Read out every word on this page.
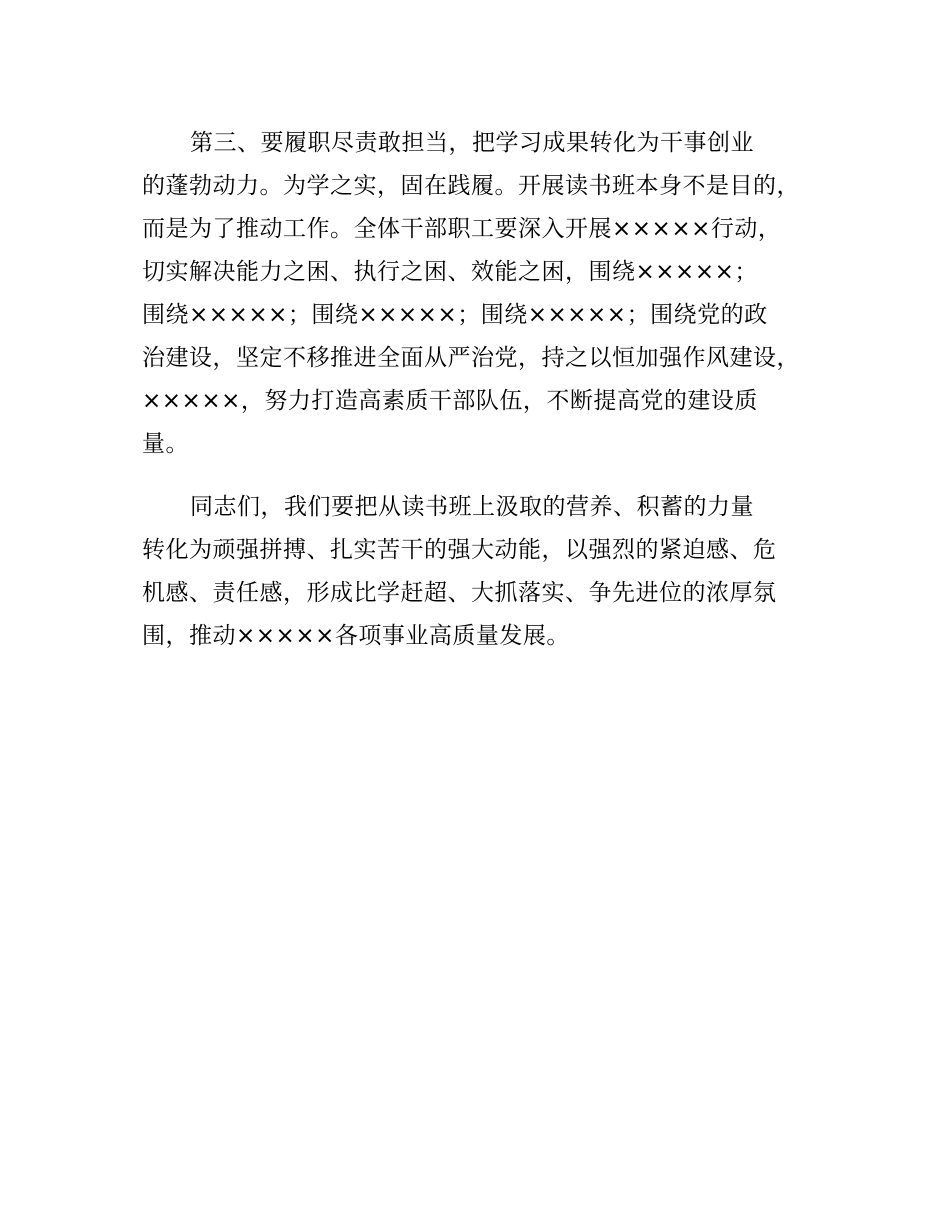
第三、要履职尽责敢担当，把学习成果转化为干事创业
的蓬勃动力。为学之实，固在践履。开展读书班本身不是目的，
而是为了推动工作。全体干部职工要深入开展×××××行动，
切实解决能力之困、执行之困、效能之困，围绕×××××；
围绕×××××；围绕×××××；围绕×××××；围绕党的政
治建设，坚定不移推进全面从严治党，持之以恒加强作风建设，
×××××，努力打造高素质干部队伍，不断提高党的建设质
量。
同志们，我们要把从读书班上汲取的营养、积蓄的力量
转化为顽强拼搏、扎实苦干的强大动能，以强烈的紧迫感、危
机感、责任感，形成比学赶超、大抓落实、争先进位的浓厚氛
围，推动×××××各项事业高质量发展。
